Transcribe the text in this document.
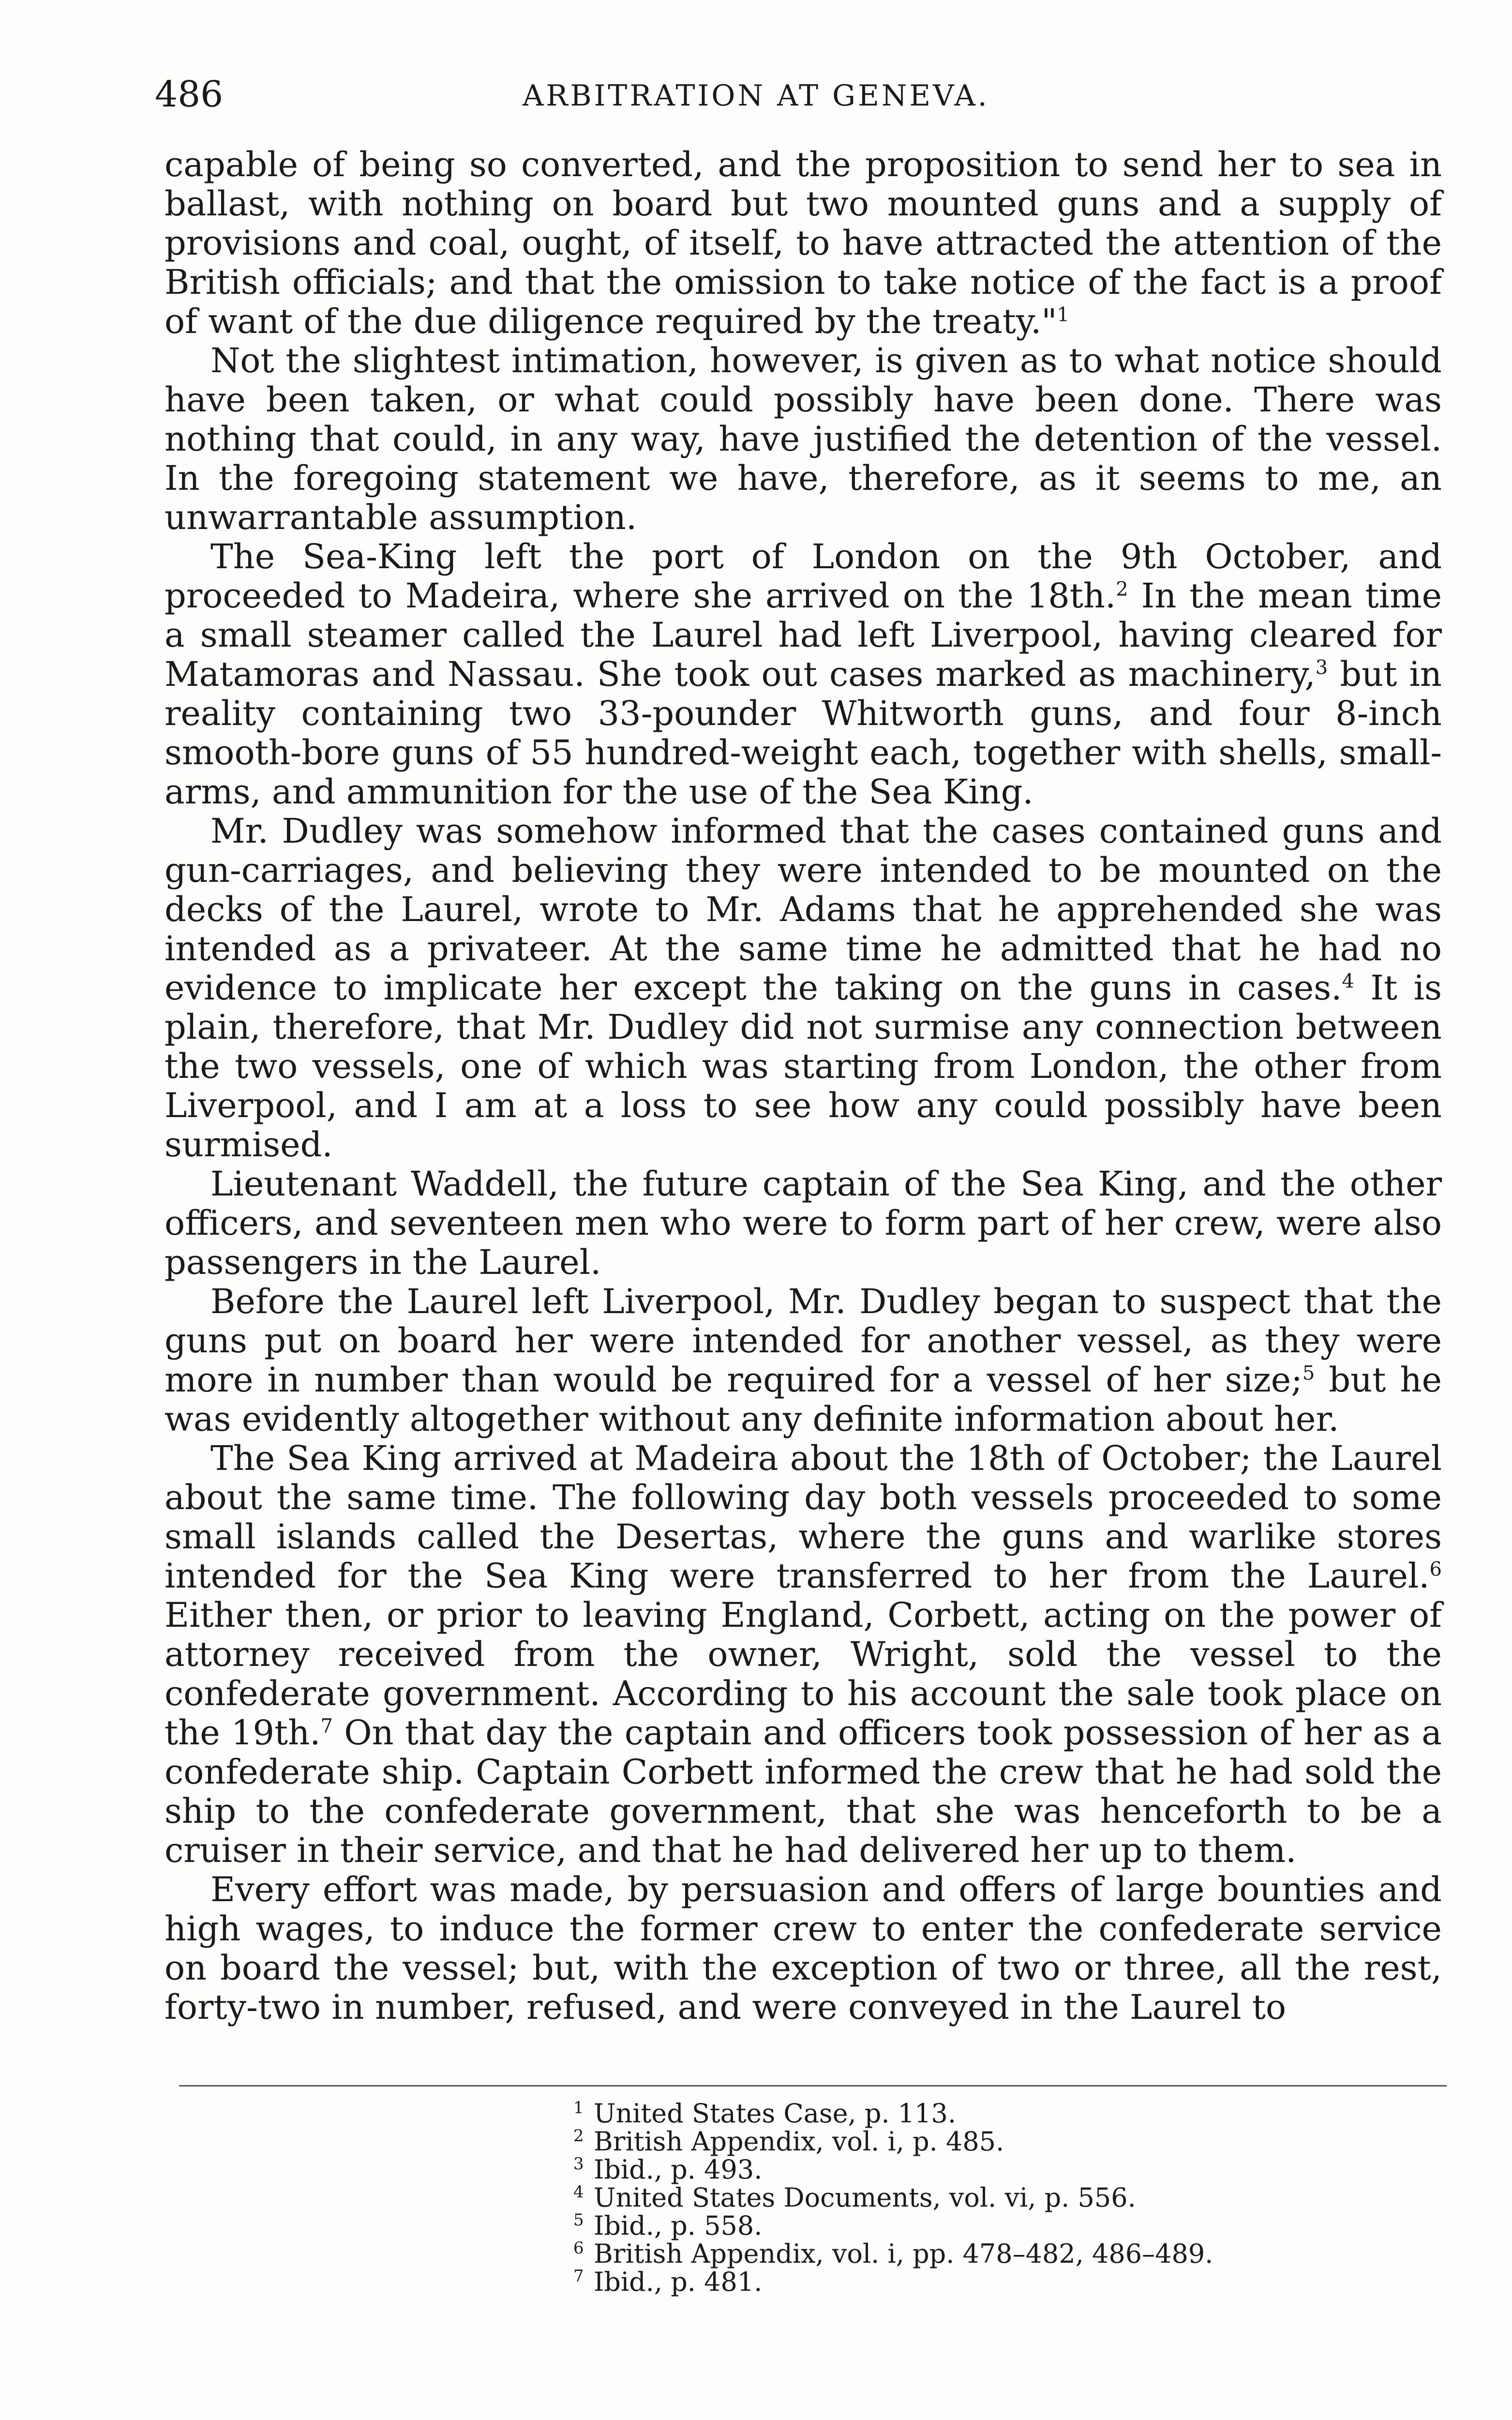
486	ARBITRATION AT GENEVA.

capable of being so converted, and the proposition to send her to sea in ballast, with nothing on board but two mounted guns and a supply of provisions and coal, ought, of itself, to have attracted the attention of the British officials; and that the omission to take notice of the fact is a proof of want of the due diligence required by the treaty."$^1$

Not the slightest intimation, however, is given as to what notice should have been taken, or what could possibly have been done. There was nothing that could, in any way, have justified the detention of the vessel. In the foregoing statement we have, therefore, as it seems to me, an unwarrantable assumption.

The Sea-King left the port of London on the 9th October, and proceeded to Madeira, where she arrived on the 18th.$^2$ In the mean time a small steamer called the Laurel had left Liverpool, having cleared for Matamoras and Nassau. She took out cases marked as machinery,$^3$ but in reality containing two 33-pounder Whitworth guns, and four 8-inch smooth-bore guns of 55 hundred-weight each, together with shells, small-arms, and ammunition for the use of the Sea King.

Mr. Dudley was somehow informed that the cases contained guns and gun-carriages, and believing they were intended to be mounted on the decks of the Laurel, wrote to Mr. Adams that he apprehended she was intended as a privateer. At the same time he admitted that he had no evidence to implicate her except the taking on the guns in cases.$^4$ It is plain, therefore, that Mr. Dudley did not surmise any connection between the two vessels, one of which was starting from London, the other from Liverpool, and I am at a loss to see how any could possibly have been surmised.

Lieutenant Waddell, the future captain of the Sea King, and the other officers, and seventeen men who were to form part of her crew, were also passengers in the Laurel.

Before the Laurel left Liverpool, Mr. Dudley began to suspect that the guns put on board her were intended for another vessel, as they were more in number than would be required for a vessel of her size;$^5$ but he was evidently altogether without any definite information about her.

The Sea King arrived at Madeira about the 18th of October; the Laurel about the same time. The following day both vessels proceeded to some small islands called the Desertas, where the guns and warlike stores intended for the Sea King were transferred to her from the Laurel.$^6$ Either then, or prior to leaving England, Corbett, acting on the power of attorney received from the owner, Wright, sold the vessel to the confederate government. According to his account the sale took place on the 19th.$^7$ On that day the captain and officers took possession of her as a confederate ship. Captain Corbett informed the crew that he had sold the ship to the confederate government, that she was henceforth to be a cruiser in their service, and that he had delivered her up to them.

Every effort was made, by persuasion and offers of large bounties and high wages, to induce the former crew to enter the confederate service on board the vessel; but, with the exception of two or three, all the rest, forty-two in number, refused, and were conveyed in the Laurel to

1 United States Case, p. 113.
2 British Appendix, vol. i, p. 485.
3 Ibid., p. 493.
4 United States Documents, vol. vi, p. 556.
5 Ibid., p. 558.
6 British Appendix, vol. i, pp. 478–482, 486–489.
7 Ibid., p. 481.
